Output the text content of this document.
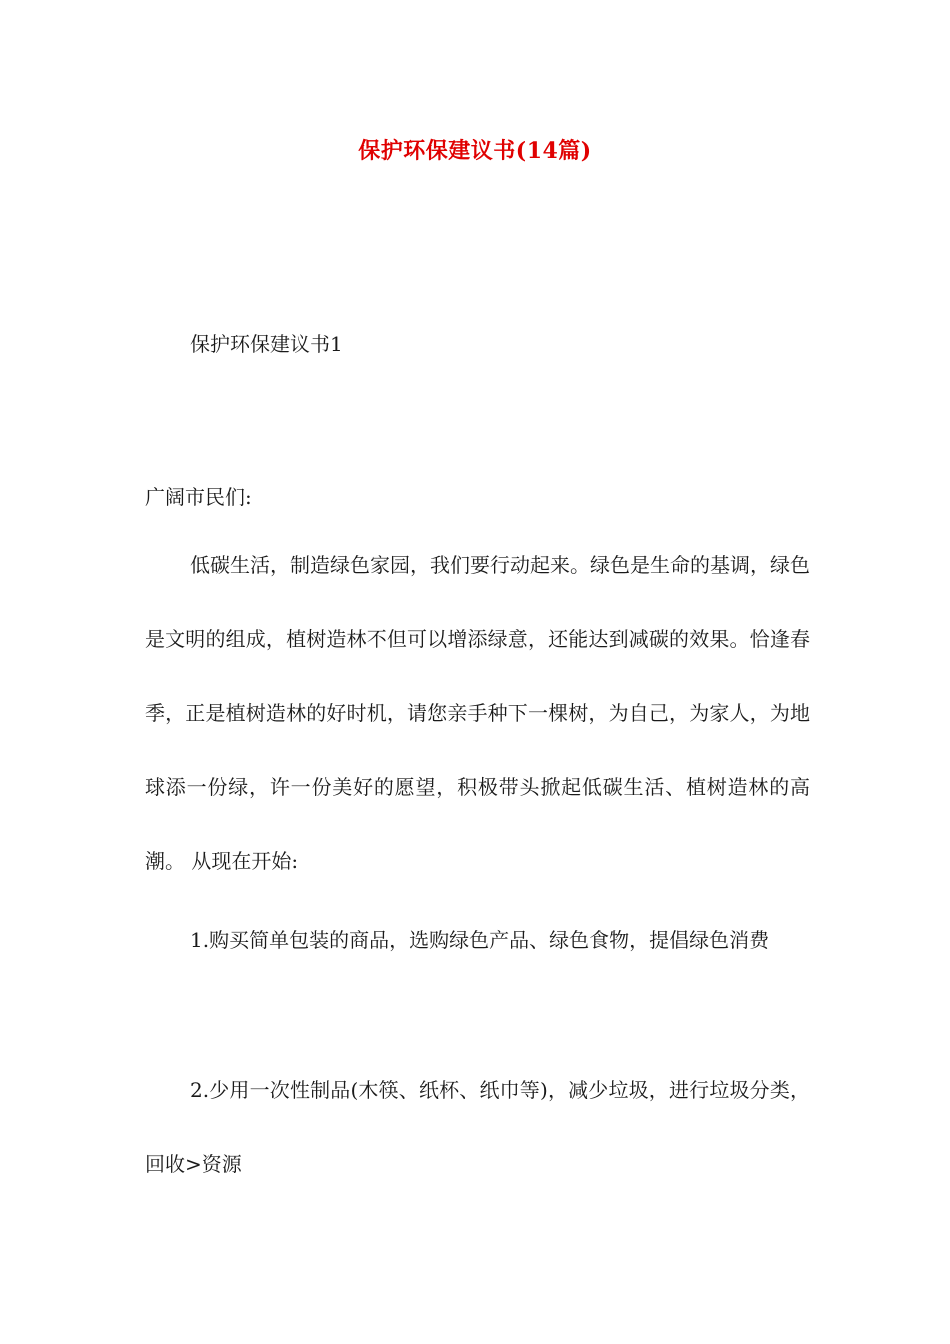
保护环保建议书(14篇)
保护环保建议书1
广阔市民们:

低碳生活，制造绿色家园，我们要行动起来。绿色是生命的基调，绿色是文明的组成，植树造林不但可以增添绿意，还能达到减碳的效果。恰逢春季，正是植树造林的好时机，请您亲手种下一棵树，为自己，为家人，为地球添一份绿，许一份美好的愿望，积极带头掀起低碳生活、植树造林的高潮。 从现在开始:

1.购买简单包装的商品，选购绿色产品、绿色食物，提倡绿色消费

2.少用一次性制品(木筷、纸杯、纸巾等)，减少垃圾，进行垃圾分类，回收>资源
